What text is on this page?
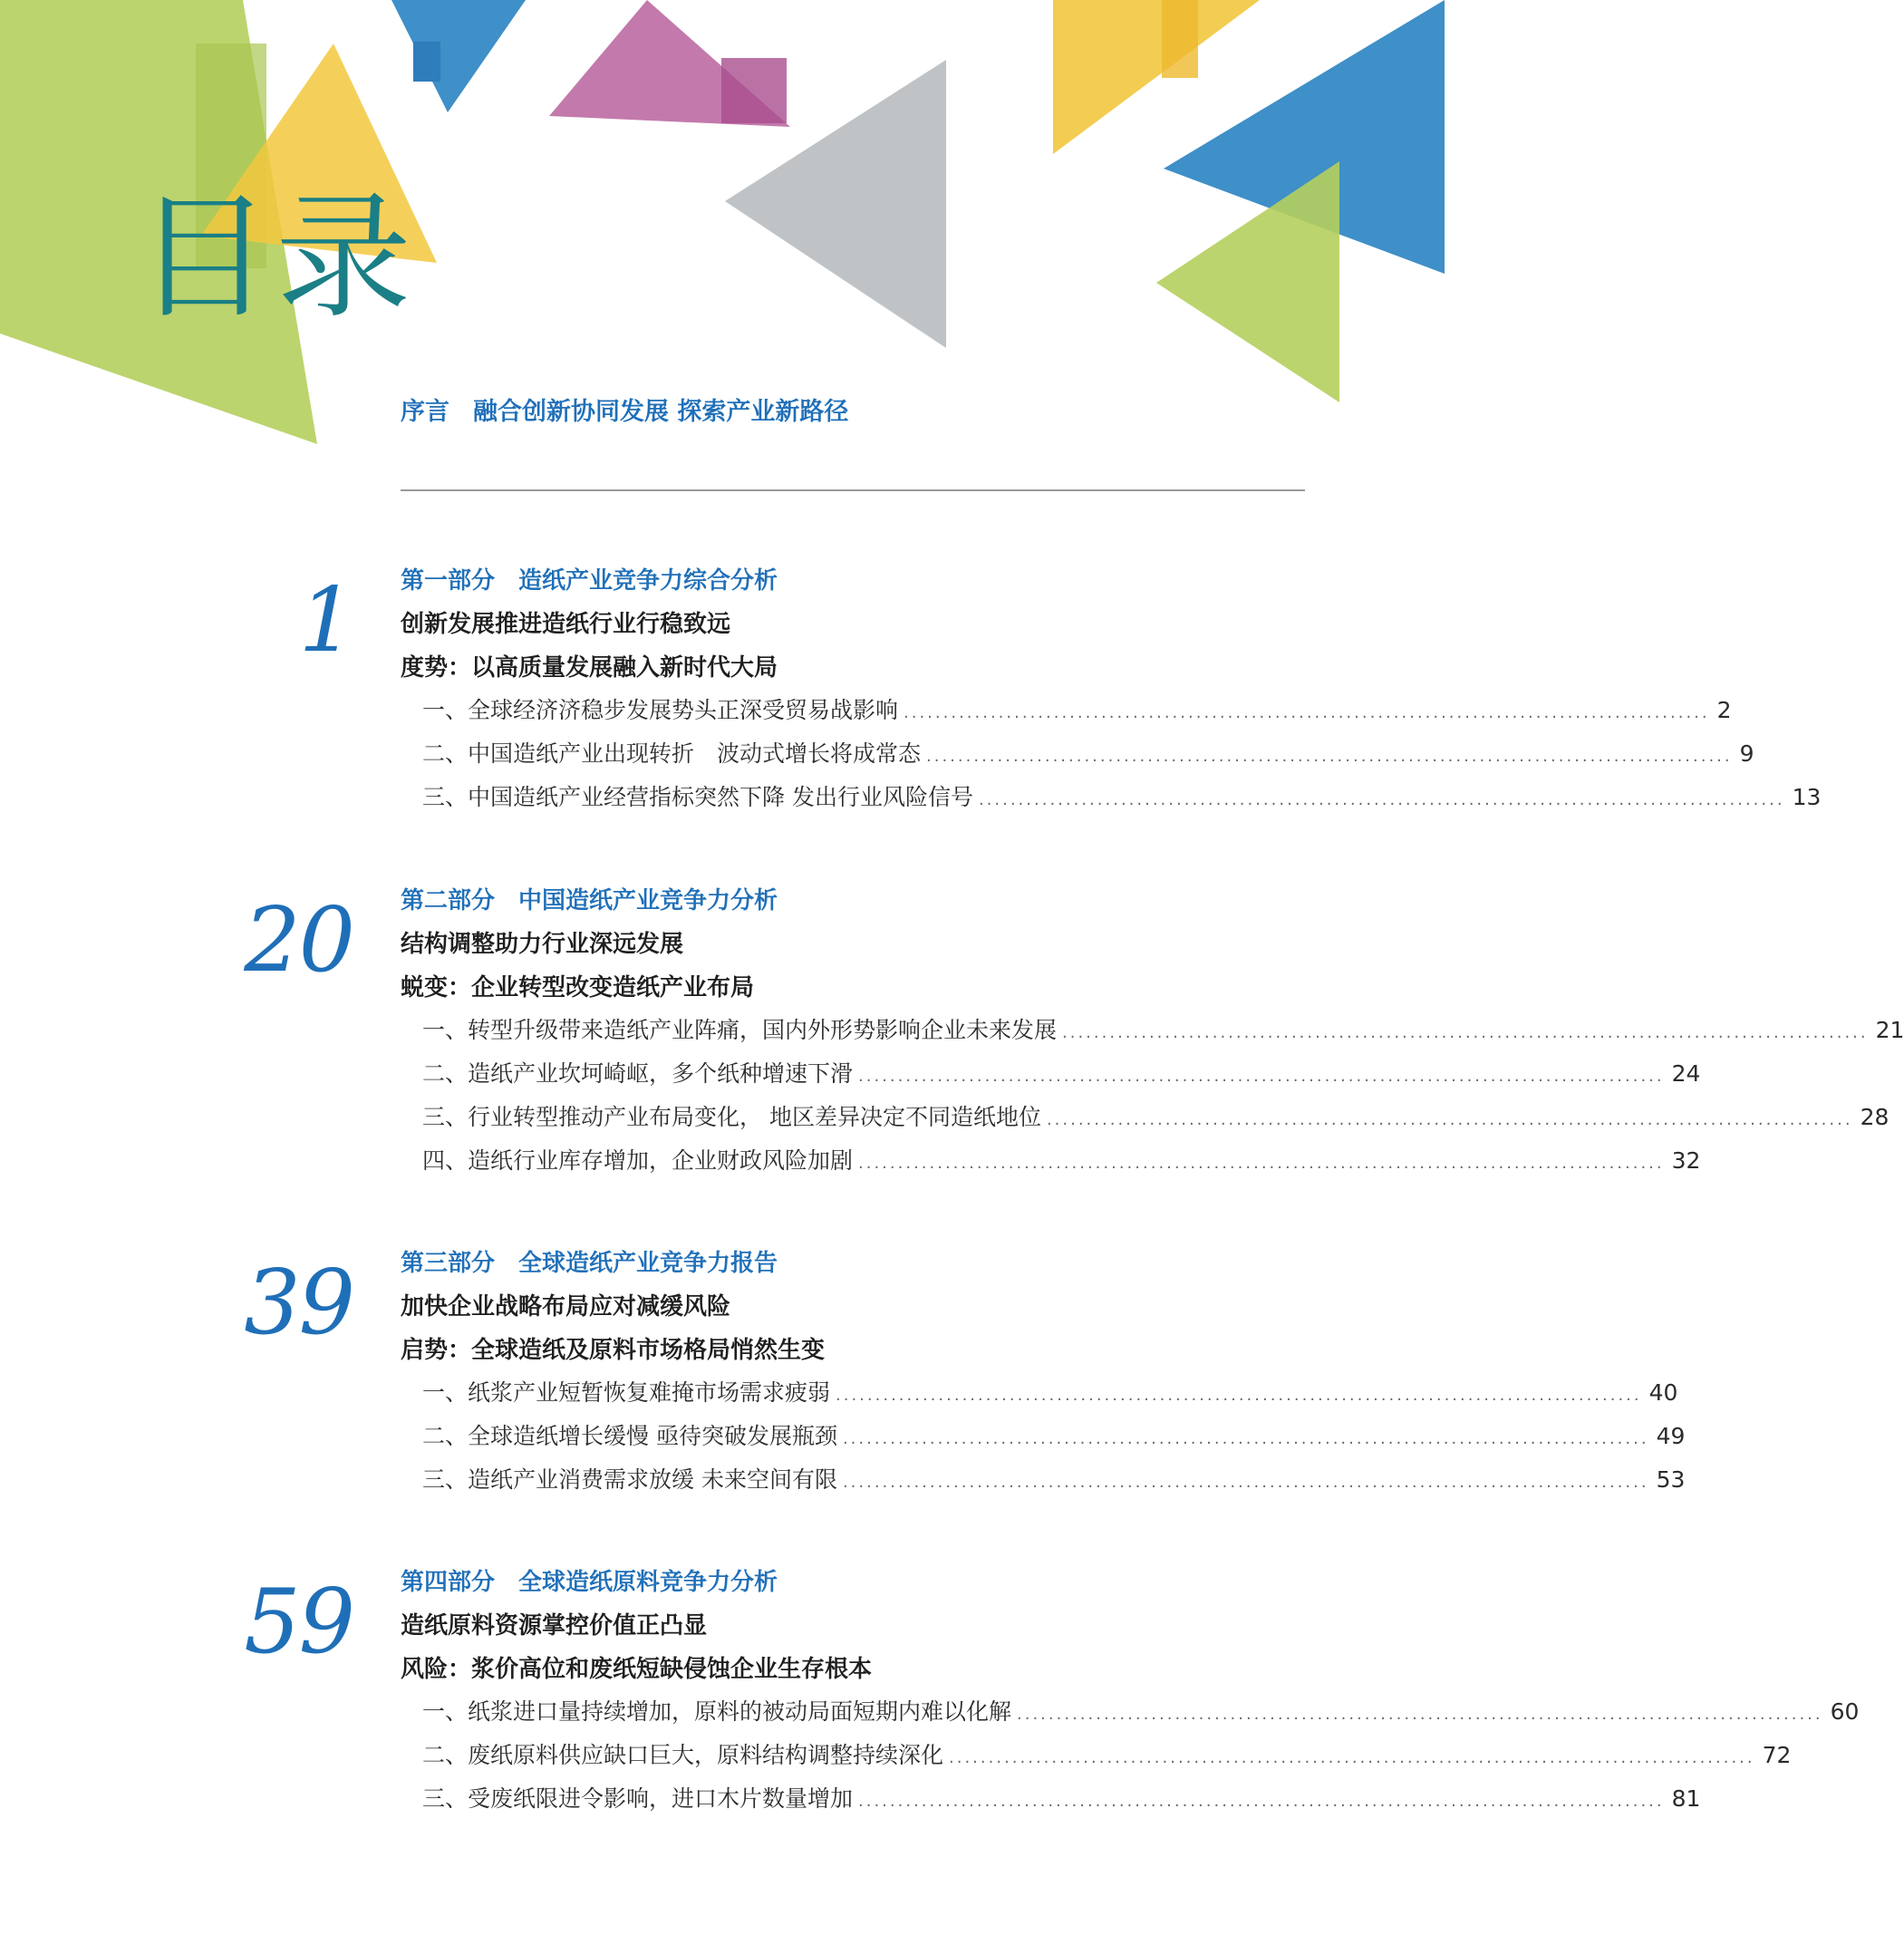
目录
序言 融合创新协同发展 探索产业新路径
1 第一部分 造纸产业竞争力综合分析
创新发展推进造纸行业行稳致远
度势：以高质量发展融入新时代大局
一、全球经济济稳步发展势头正深受贸易战影响 ...................................................................................................... 2
二、中国造纸产业出现转折　波动式增长将成常态 ...................................................................................................... 9
三、中国造纸产业经营指标突然下降 发出行业风险信号 ...................................................................................................... 13
20 第二部分 中国造纸产业竞争力分析
结构调整助力行业深远发展
蜕变：企业转型改变造纸产业布局
一、转型升级带来造纸产业阵痛，国内外形势影响企业未来发展 ...................................................................................................... 21
二、造纸产业坎坷崎岖，多个纸种增速下滑 ...................................................................................................... 24
三、行业转型推动产业布局变化， 地区差异决定不同造纸地位 ...................................................................................................... 28
四、造纸行业库存增加，企业财政风险加剧 ...................................................................................................... 32
39 第三部分 全球造纸产业竞争力报告
加快企业战略布局应对减缓风险
启势：全球造纸及原料市场格局悄然生变
一、纸浆产业短暂恢复难掩市场需求疲弱 ...................................................................................................... 40
二、全球造纸增长缓慢 亟待突破发展瓶颈 ...................................................................................................... 49
三、造纸产业消费需求放缓 未来空间有限 ...................................................................................................... 53
59 第四部分 全球造纸原料竞争力分析
造纸原料资源掌控价值正凸显
风险：浆价高位和废纸短缺侵蚀企业生存根本
一、纸浆进口量持续增加，原料的被动局面短期内难以化解 ...................................................................................................... 60
二、废纸原料供应缺口巨大，原料结构调整持续深化 ...................................................................................................... 72
三、受废纸限进令影响，进口木片数量增加 ...................................................................................................... 81
